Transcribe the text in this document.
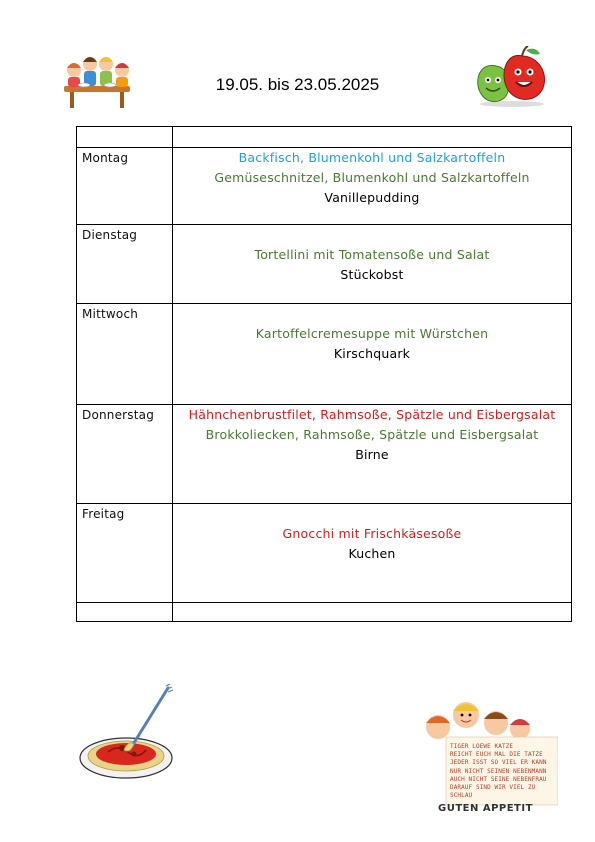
19.05. bis 23.05.2025

Montag	Backfisch, Blumenkohl und Salzkartoffeln
Gemüseschnitzel, Blumenkohl und Salzkartoffeln
Vanillepudding

Dienstag	Tortellini mit Tomatensoße und Salat
Stückobst

Mittwoch	Kartoffelcremesuppe mit Würstchen
Kirschquark

Donnerstag	Hähnchenbrustfilet, Rahmsoße, Spätzle und Eisbergsalat
Brokkoliecken, Rahmsoße, Spätzle und Eisbergsalat
Birne

Freitag	Gnocchi mit Frischkäsesoße
Kuchen

TIGER LOEWE KATZE
REICHT EUCH MAL DIE TATZE
JEDER ISST SO VIEL ER KANN
NUR NICHT SEINEN NEBENMANN
AUCH NICHT SEINE NEBENFRAU
DARAUF SIND WIR VIEL ZU SCHLAU
GUTEN APPETIT
